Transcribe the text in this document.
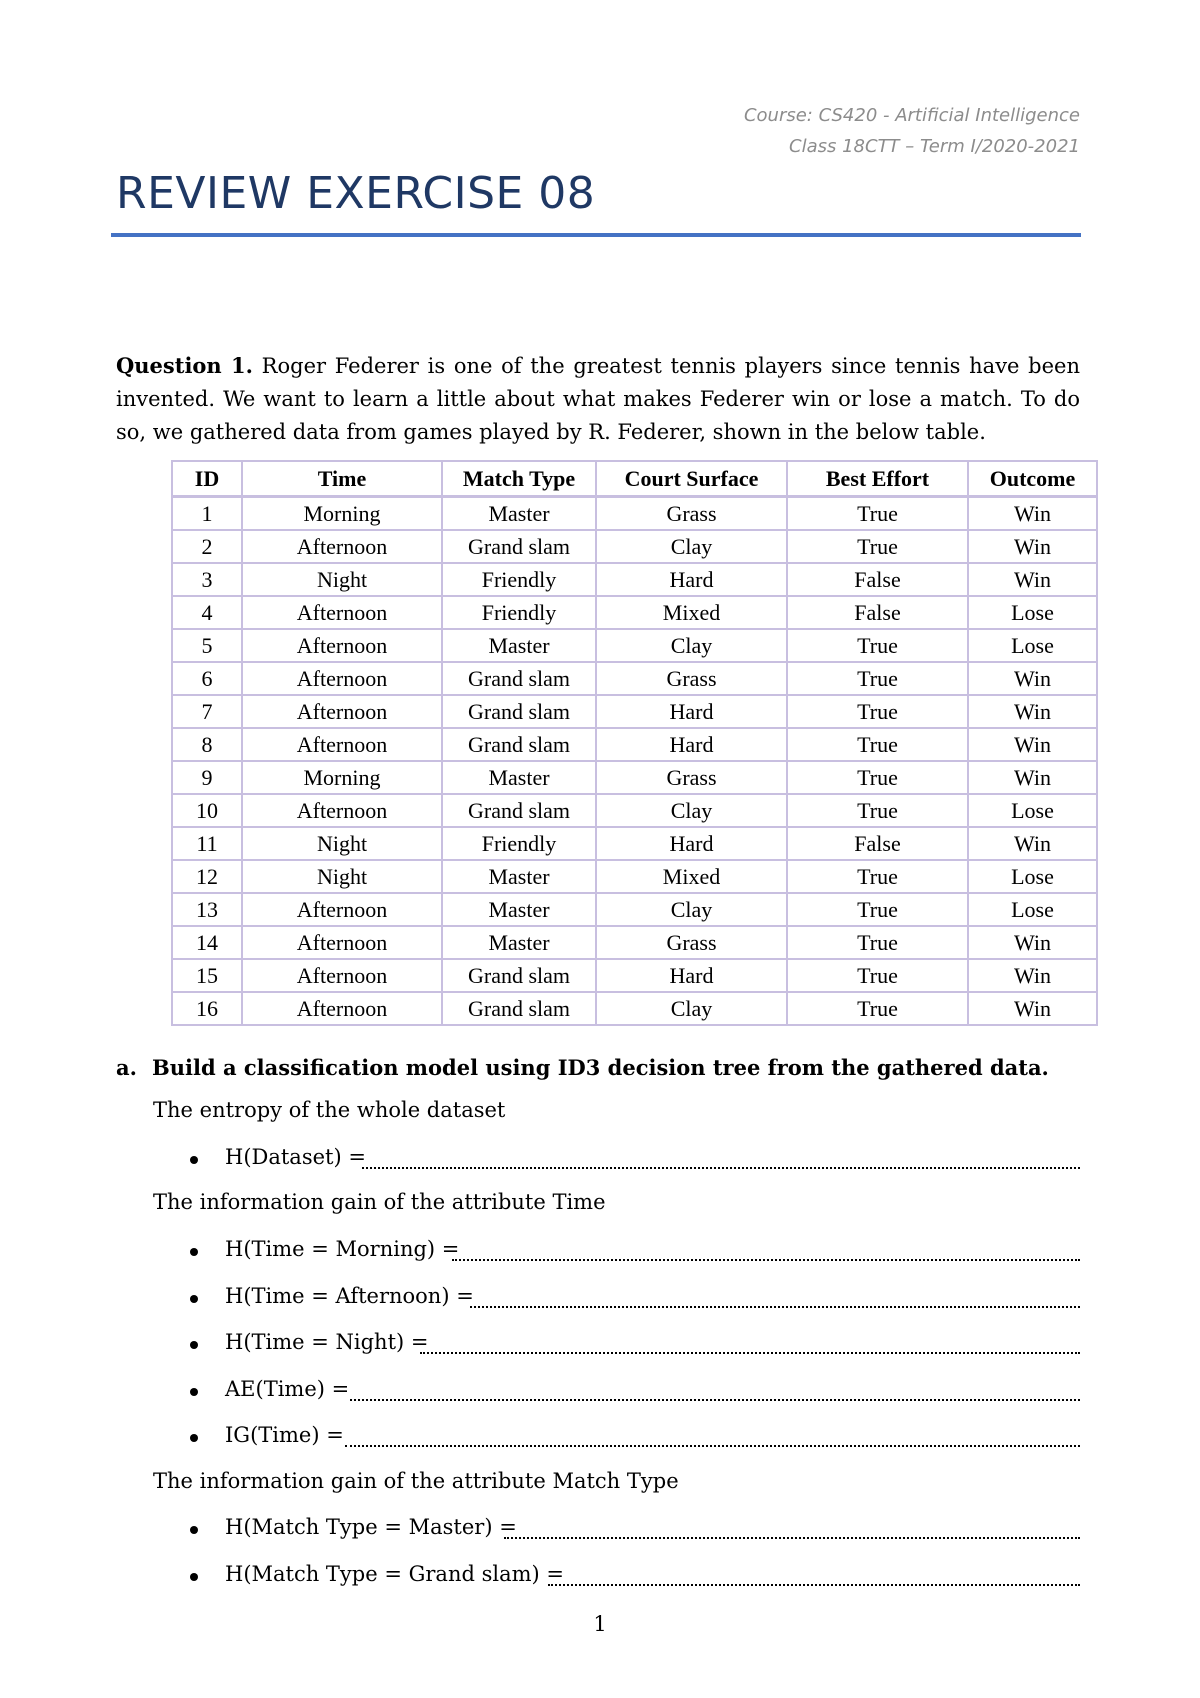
Course: CS420 - Artificial Intelligence
Class 18CTT – Term I/2020-2021
REVIEW EXERCISE 08
Question 1. Roger Federer is one of the greatest tennis players since tennis have been invented. We want to learn a little about what makes Federer win or lose a match. To do so, we gathered data from games played by R. Federer, shown in the below table.
ID	Time	Match Type	Court Surface	Best Effort	Outcome
1	Morning	Master	Grass	True	Win
2	Afternoon	Grand slam	Clay	True	Win
3	Night	Friendly	Hard	False	Win
4	Afternoon	Friendly	Mixed	False	Lose
5	Afternoon	Master	Clay	True	Lose
6	Afternoon	Grand slam	Grass	True	Win
7	Afternoon	Grand slam	Hard	True	Win
8	Afternoon	Grand slam	Hard	True	Win
9	Morning	Master	Grass	True	Win
10	Afternoon	Grand slam	Clay	True	Lose
11	Night	Friendly	Hard	False	Win
12	Night	Master	Mixed	True	Lose
13	Afternoon	Master	Clay	True	Lose
14	Afternoon	Master	Grass	True	Win
15	Afternoon	Grand slam	Hard	True	Win
16	Afternoon	Grand slam	Clay	True	Win
a. Build a classification model using ID3 decision tree from the gathered data.
The entropy of the whole dataset
H(Dataset) =
The information gain of the attribute Time
H(Time = Morning) =
H(Time = Afternoon) =
H(Time = Night) =
AE(Time) =
IG(Time) =
The information gain of the attribute Match Type
H(Match Type = Master) =
H(Match Type = Grand slam) =
1
